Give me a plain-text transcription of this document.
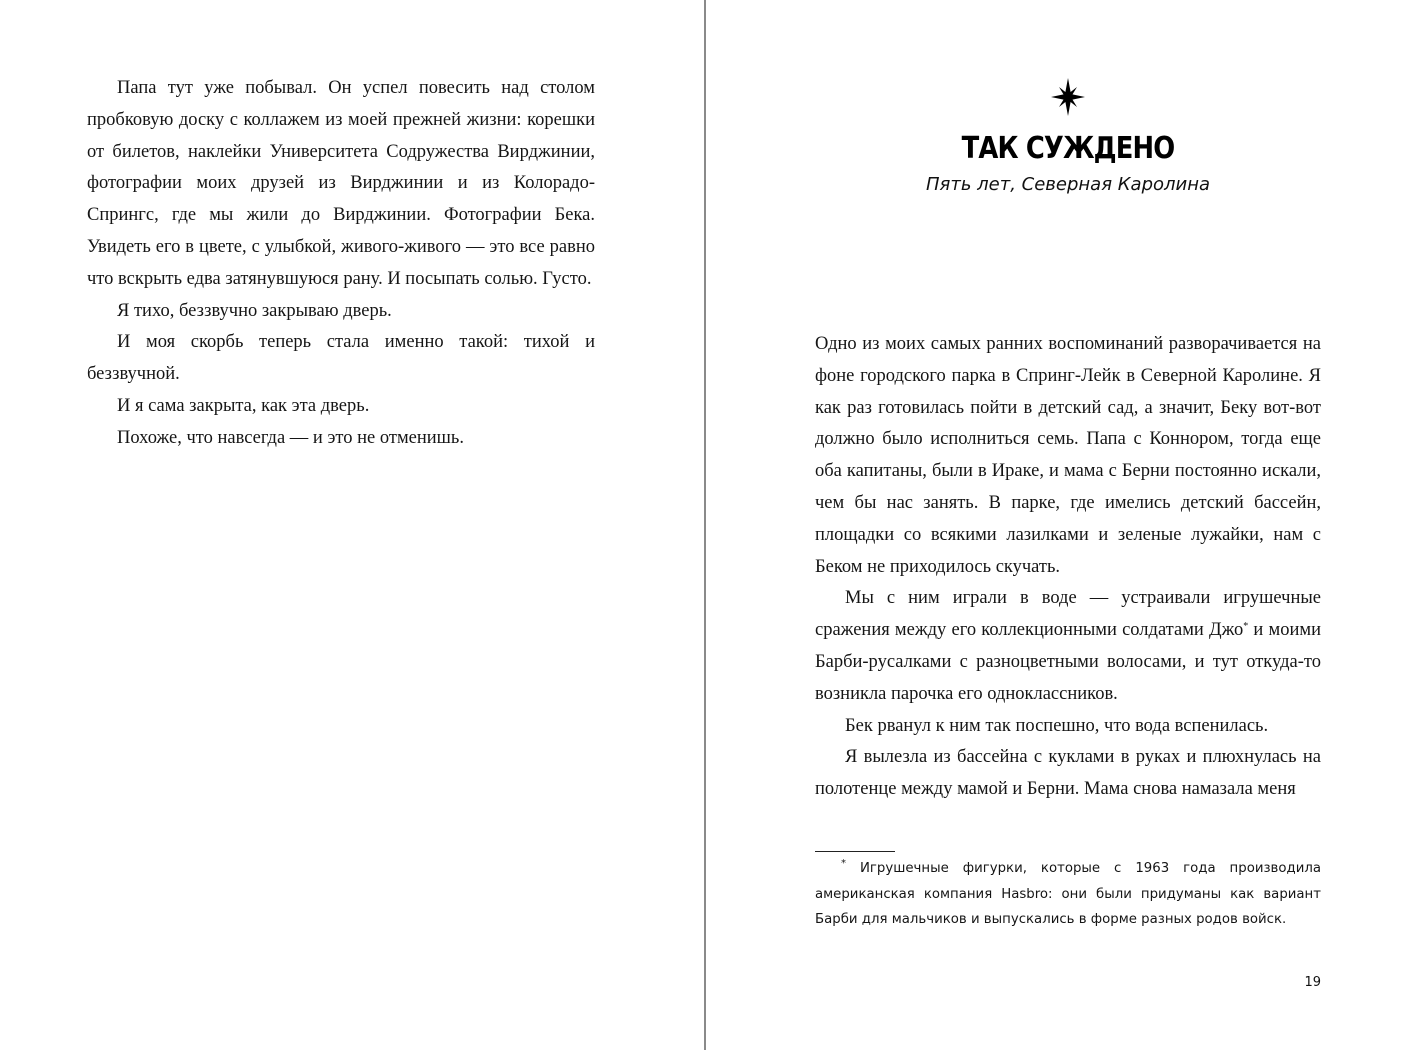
Папа тут уже побывал. Он успел повесить над столом пробковую доску с коллажем из моей прежней жизни: корешки от билетов, наклейки Университета Содружества Вирджинии, фотографии моих друзей из Вирджинии и из Колорадо-Спрингс, где мы жили до Вирджинии. Фотографии Бека. Увидеть его в цвете, с улыбкой, живого-живого — это все равно что вскрыть едва затянувшуюся рану. И посыпать солью. Густо.

Я тихо, беззвучно закрываю дверь.

И моя скорбь теперь стала именно такой: тихой и беззвучной.

И я сама закрыта, как эта дверь.

Похоже, что навсегда — и это не отменишь.

ТАК СУЖДЕНО
Пять лет, Северная Каролина

Одно из моих самых ранних воспоминаний разворачивается на фоне городского парка в Спринг-Лейк в Северной Каролине. Я как раз готовилась пойти в детский сад, а значит, Беку вот-вот должно было исполниться семь. Папа с Коннором, тогда еще оба капитаны, были в Ираке, и мама с Берни постоянно искали, чем бы нас занять. В парке, где имелись детский бассейн, площадки со всякими лазилками и зеленые лужайки, нам с Беком не приходилось скучать.

Мы с ним играли в воде — устраивали игрушечные сражения между его коллекционными солдатами Джо* и моими Барби-русалками с разноцветными волосами, и тут откуда-то возникла парочка его одноклассников.

Бек рванул к ним так поспешно, что вода вспенилась.

Я вылезла из бассейна с куклами в руках и плюхнулась на полотенце между мамой и Берни. Мама снова намазала меня

* Игрушечные фигурки, которые с 1963 года производила американская компания Hasbro: они были придуманы как вариант Барби для мальчиков и выпускались в форме разных родов войск.
19
